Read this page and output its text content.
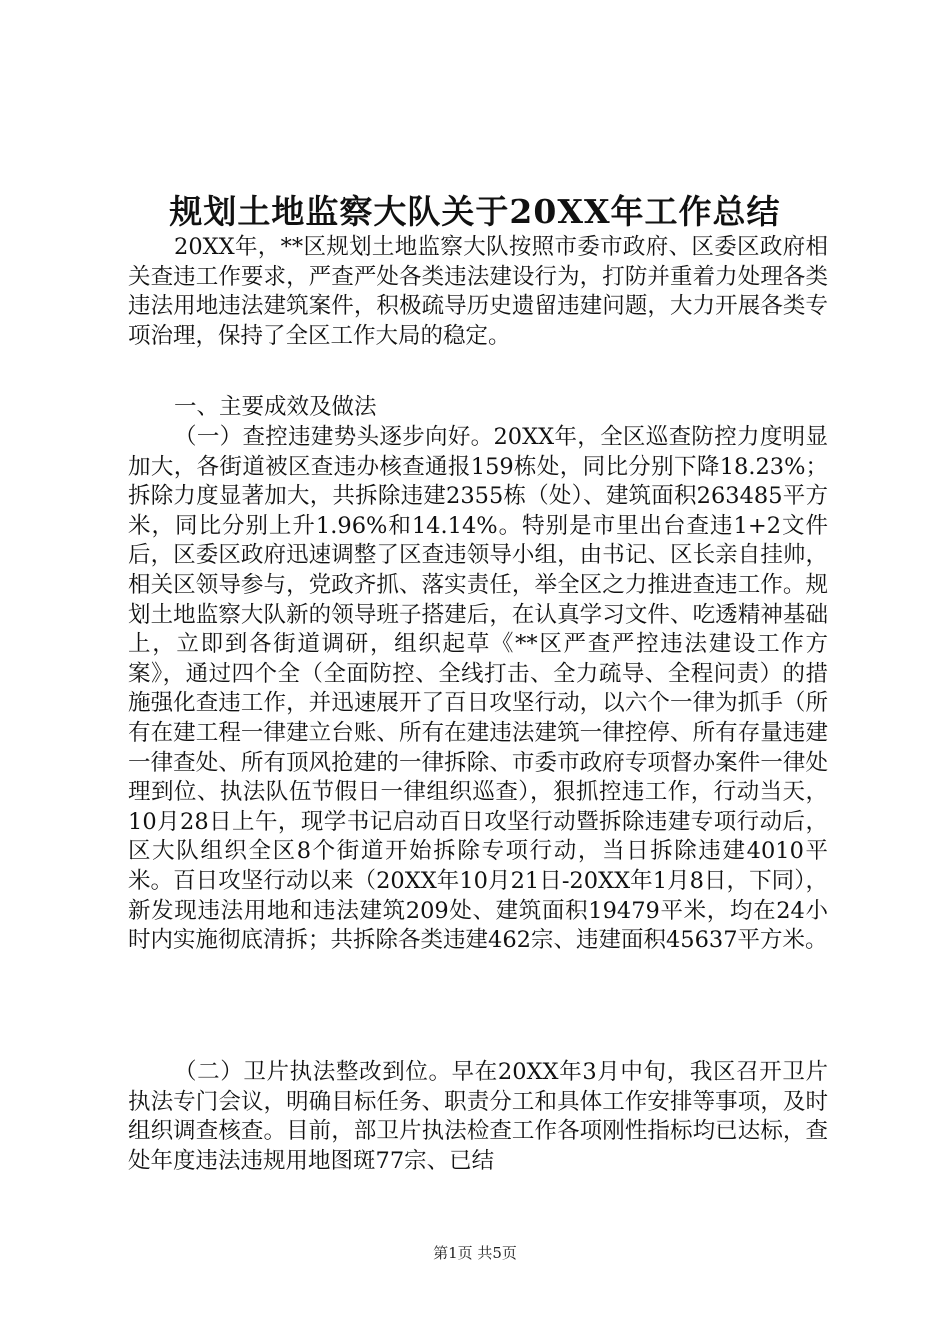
规划土地监察大队关于20XX年工作总结

20XX年，**区规划土地监察大队按照市委市政府、区委区政府相关查违工作要求，严查严处各类违法建设行为，打防并重着力处理各类违法用地违法建筑案件，积极疏导历史遗留违建问题，大力开展各类专项治理，保持了全区工作大局的稳定。

一、主要成效及做法

（一）查控违建势头逐步向好。20XX年，全区巡查防控力度明显加大，各街道被区查违办核查通报159栋处，同比分别下降18.23%；拆除力度显著加大，共拆除违建2355栋（处）、建筑面积263485平方米，同比分别上升1.96%和14.14%。特别是市里出台查违1+2文件后，区委区政府迅速调整了区查违领导小组，由书记、区长亲自挂帅，相关区领导参与，党政齐抓、落实责任，举全区之力推进查违工作。规划土地监察大队新的领导班子搭建后，在认真学习文件、吃透精神基础上，立即到各街道调研，组织起草《**区严查严控违法建设工作方案》，通过四个全（全面防控、全线打击、全力疏导、全程问责）的措施强化查违工作，并迅速展开了百日攻坚行动，以六个一律为抓手（所有在建工程一律建立台账、所有在建违法建筑一律控停、所有存量违建一律查处、所有顶风抢建的一律拆除、市委市政府专项督办案件一律处理到位、执法队伍节假日一律组织巡查），狠抓控违工作，行动当天，10月28日上午，现学书记启动百日攻坚行动暨拆除违建专项行动后，区大队组织全区8个街道开始拆除专项行动，当日拆除违建4010平米。百日攻坚行动以来（20XX年10月21日-20XX年1月8日，下同），新发现违法用地和违法建筑209处、建筑面积19479平米，均在24小时内实施彻底清拆；共拆除各类违建462宗、违建面积45637平方米。

（二）卫片执法整改到位。早在20XX年3月中旬，我区召开卫片执法专门会议，明确目标任务、职责分工和具体工作安排等事项，及时组织调查核查。目前，部卫片执法检查工作各项刚性指标均已达标，查处年度违法违规用地图斑77宗、已结

第1页 共5页
